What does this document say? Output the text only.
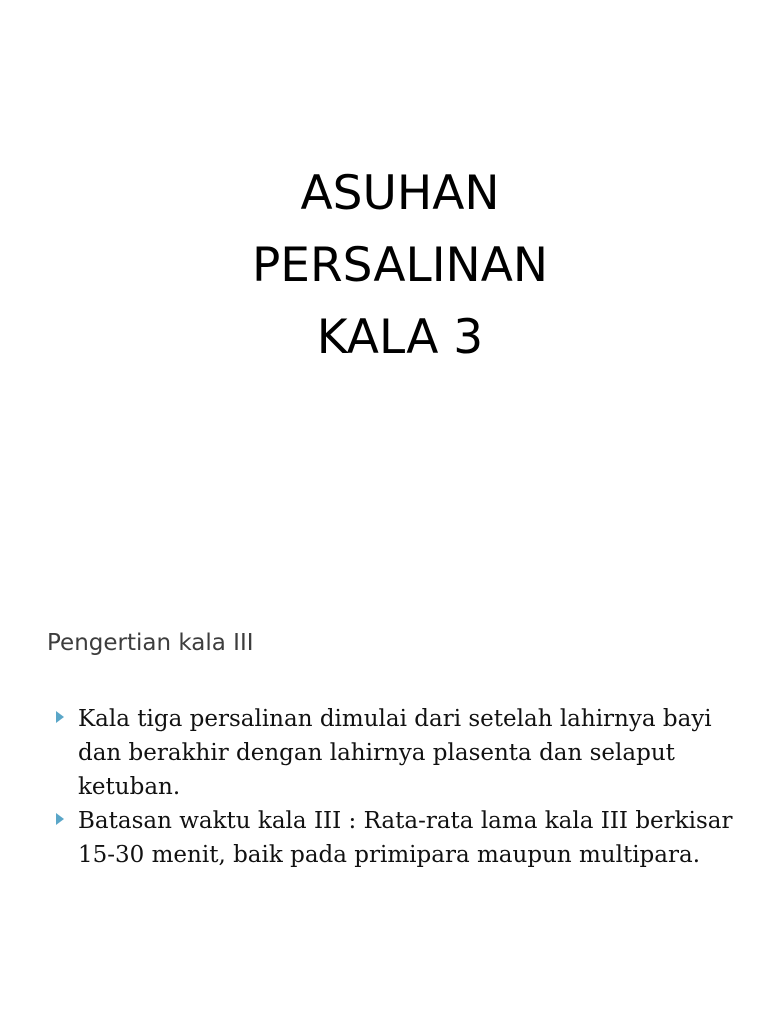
ASUHAN
PERSALINAN
KALA 3
Pengertian kala III
Kala tiga persalinan dimulai dari setelah lahirnya bayi dan berakhir dengan lahirnya plasenta dan selaput ketuban.
Batasan waktu kala III : Rata-rata lama kala III berkisar 15-30 menit, baik pada primipara maupun multipara.
